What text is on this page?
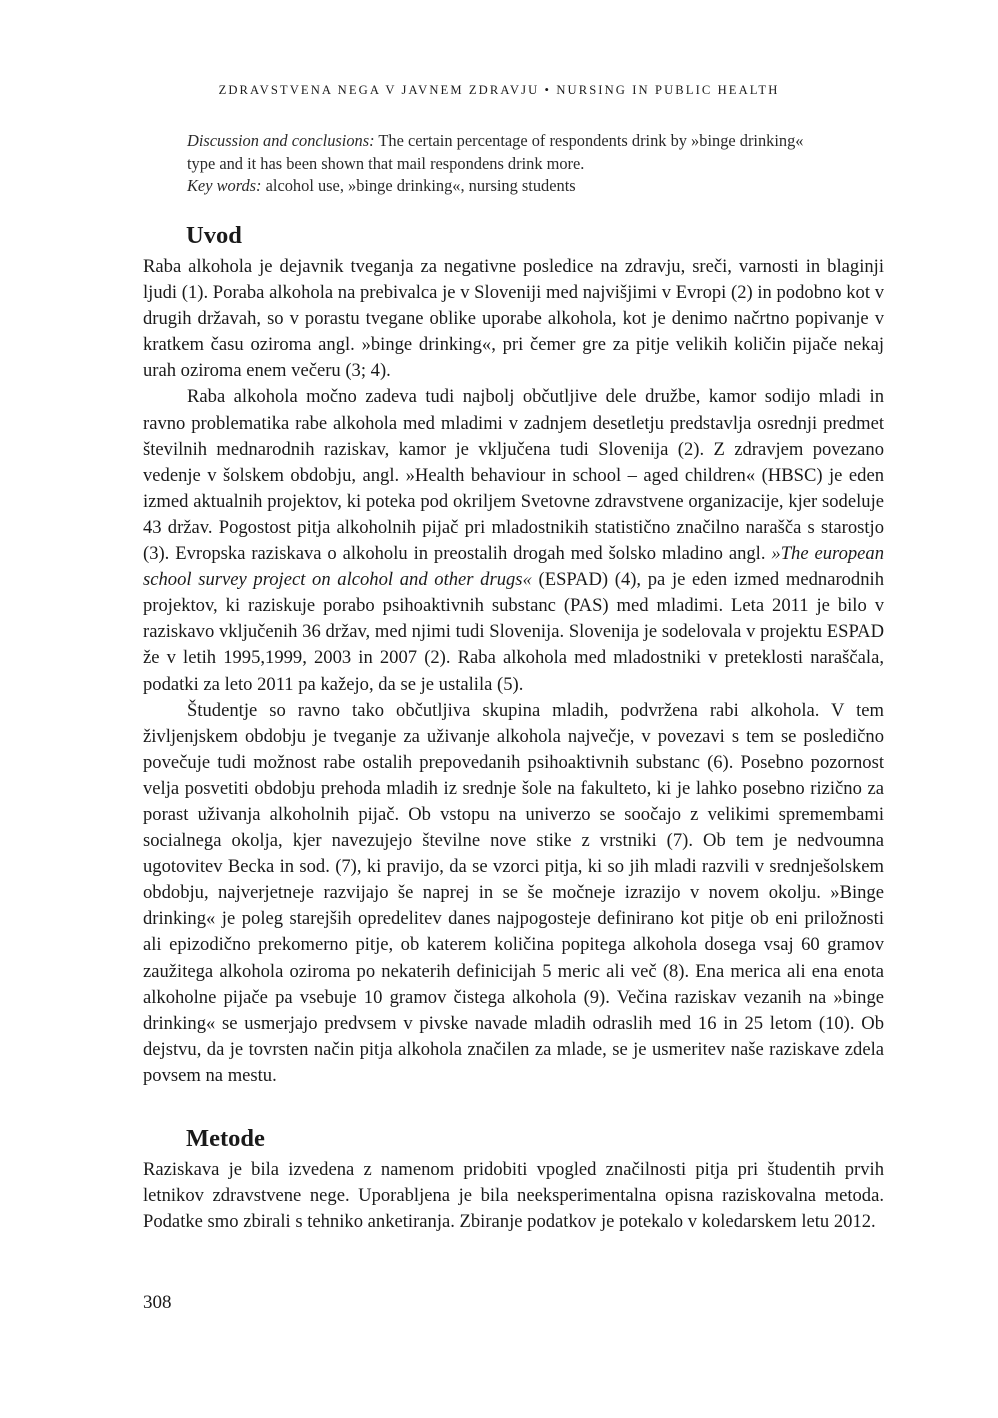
ZDRAVSTVENA NEGA V JAVNEM ZDRAVJU • NURSING IN PUBLIC HEALTH

Discussion and conclusions: The certain percentage of respondents drink by »binge drinking«

type and it has been shown that mail respondens drink more.

Key words: alcohol use, »binge drinking«, nursing students

Uvod

Raba alkohola je dejavnik tveganja za negativne posledice na zdravju, sreči, varnosti in blaginji ljudi (1). Poraba alkohola na prebivalca je v Sloveniji med najvišjimi v Evropi (2) in podobno kot v drugih državah, so v porastu tvegane oblike uporabe alkohola, kot je denimo načrtno popivanje v kratkem času oziroma angl. »binge drinking«, pri čemer gre za pitje velikih količin pijače nekaj urah oziroma enem večeru (3; 4).

Raba alkohola močno zadeva tudi najbolj občutljive dele družbe, kamor sodijo mladi in ravno problematika rabe alkohola med mladimi v zadnjem desetletju predstavlja osrednji predmet številnih mednarodnih raziskav, kamor je vključena tudi Slovenija (2). Z zdravjem povezano vedenje v šolskem obdobju, angl. »Health behaviour in school – aged children« (HBSC) je eden izmed aktualnih projektov, ki poteka pod okriljem Svetovne zdravstvene organizacije, kjer sodeluje 43 držav. Pogostost pitja alkoholnih pijač pri mladostnikih statistično značilno narašča s starostjo (3). Evropska raziskava o alkoholu in preostalih drogah med šolsko mladino angl. »The european school survey project on alcohol and other drugs« (ESPAD) (4), pa je eden izmed mednarodnih projektov, ki raziskuje porabo psihoaktivnih substanc (PAS) med mladimi. Leta 2011 je bilo v raziskavo vključenih 36 držav, med njimi tudi Slovenija. Slovenija je sodelovala v projektu ESPAD že v letih 1995,1999, 2003 in 2007 (2). Raba alkohola med mladostniki v preteklosti naraščala, podatki za leto 2011 pa kažejo, da se je ustalila (5).

Študentje so ravno tako občutljiva skupina mladih, podvržena rabi alkohola. V tem življenjskem obdobju je tveganje za uživanje alkohola največje, v povezavi s tem se posledično povečuje tudi možnost rabe ostalih prepovedanih psihoaktivnih substanc (6). Posebno pozornost velja posvetiti obdobju prehoda mladih iz srednje šole na fakulteto, ki je lahko posebno rizično za porast uživanja alkoholnih pijač. Ob vstopu na univerzo se soočajo z velikimi spremembami socialnega okolja, kjer navezujejo številne nove stike z vrstniki (7). Ob tem je nedvoumna ugotovitev Becka in sod. (7), ki pravijo, da se vzorci pitja, ki so jih mladi razvili v srednješolskem obdobju, najverjetneje razvijajo še naprej in se še močneje izrazijo v novem okolju. »Binge drinking« je poleg starejših opredelitev danes najpogosteje definirano kot pitje ob eni priložnosti ali epizodično prekomerno pitje, ob katerem količina popitega alkohola dosega vsaj 60 gramov zaužitega alkohola oziroma po nekaterih definicijah 5 meric ali več (8). Ena merica ali ena enota alkoholne pijače pa vsebuje 10 gramov čistega alkohola (9). Večina raziskav vezanih na »binge drinking« se usmerjajo predvsem v pivske navade mladih odraslih med 16 in 25 letom (10). Ob dejstvu, da je tovrsten način pitja alkohola značilen za mlade, se je usmeritev naše raziskave zdela povsem na mestu.

Metode

Raziskava je bila izvedena z namenom pridobiti vpogled značilnosti pitja pri študentih prvih letnikov zdravstvene nege. Uporabljena je bila neeksperimentalna opisna raziskovalna metoda. Podatke smo zbirali s tehniko anketiranja. Zbiranje podatkov je potekalo v koledarskem letu 2012.

308
